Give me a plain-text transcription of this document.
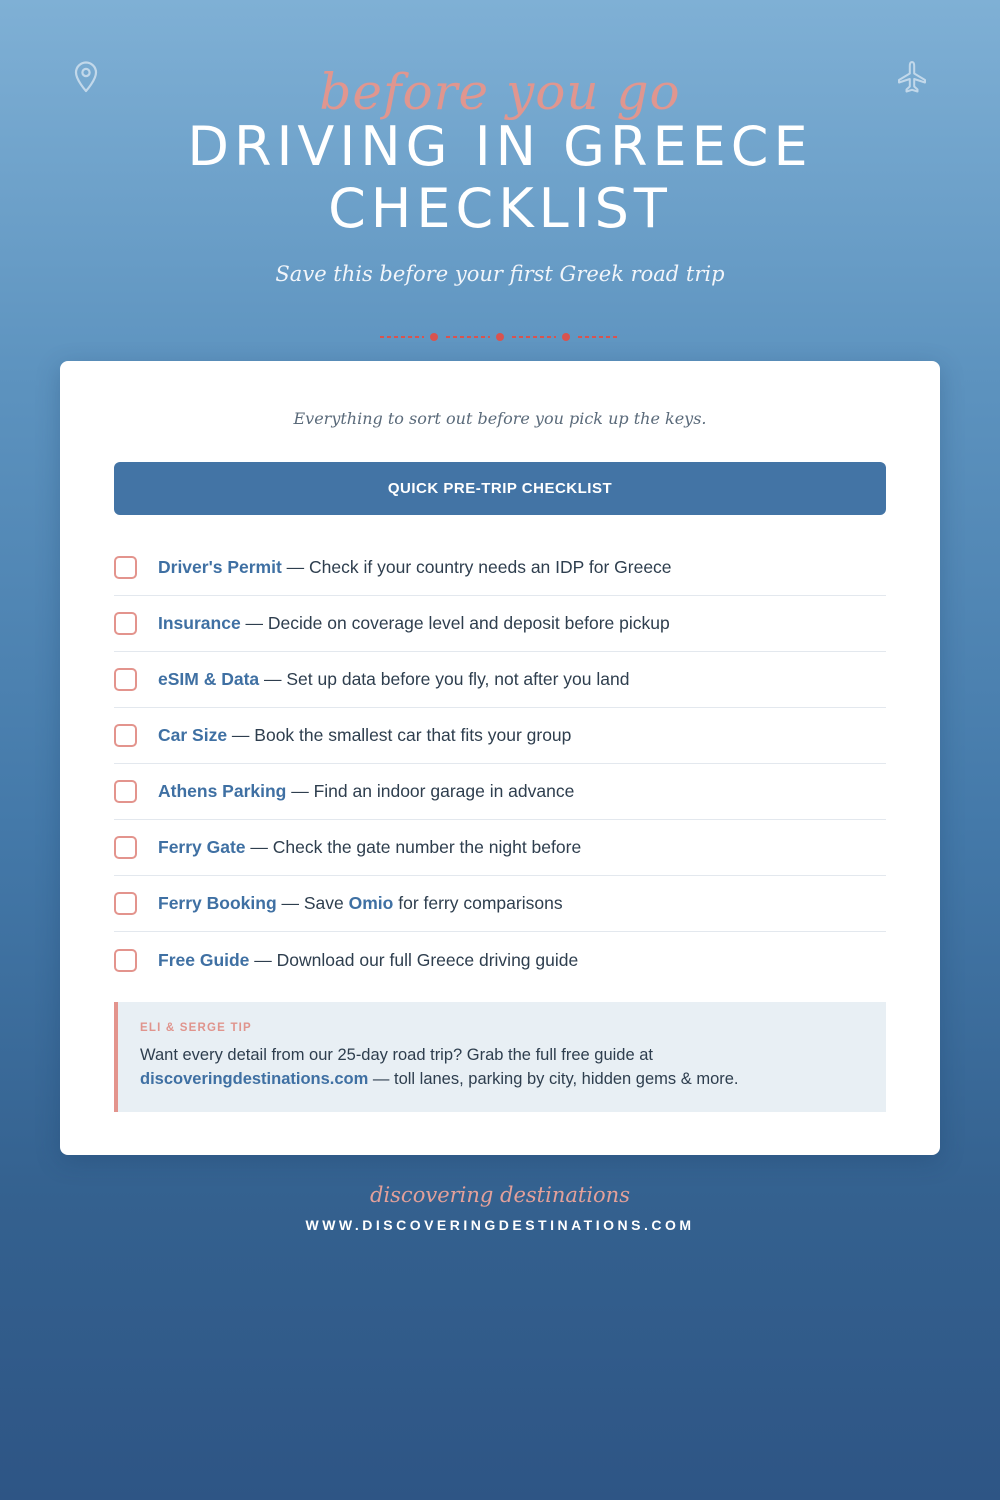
before you go
DRIVING IN GREECE
CHECKLIST
Save this before your first Greek road trip
Everything to sort out before you pick up the keys.
QUICK PRE-TRIP CHECKLIST
Driver's Permit — Check if your country needs an IDP for Greece
Insurance — Decide on coverage level and deposit before pickup
eSIM & Data — Set up data before you fly, not after you land
Car Size — Book the smallest car that fits your group
Athens Parking — Find an indoor garage in advance
Ferry Gate — Check the gate number the night before
Ferry Booking — Save Omio for ferry comparisons
Free Guide — Download our full Greece driving guide
ELI & SERGE TIP
Want every detail from our 25-day road trip? Grab the full free guide at discoveringdestinations.com — toll lanes, parking by city, hidden gems & more.
discovering destinations
WWW.DISCOVERINGDESTINATIONS.COM
